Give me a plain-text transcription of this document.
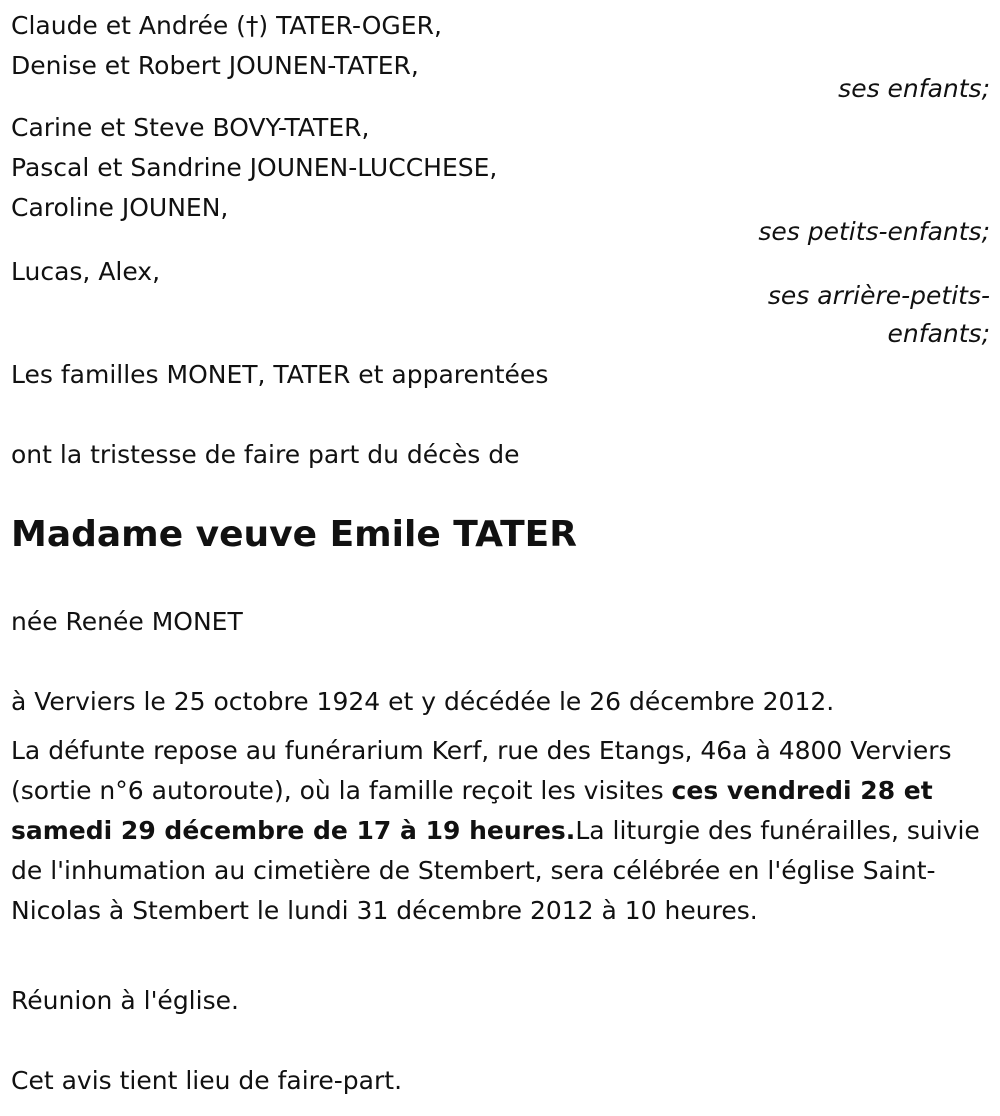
Claude et Andrée (†) TATER-OGER,
Denise et Robert JOUNEN-TATER,
ses enfants;
Carine et Steve BOVY-TATER,
Pascal et Sandrine JOUNEN-LUCCHESE,
Caroline JOUNEN,
ses petits-enfants;
Lucas, Alex,
ses arrière-petits-
enfants;
Les familles MONET, TATER et apparentées
ont la tristesse de faire part du décès de
Madame veuve Emile TATER
née Renée MONET
à Verviers le 25 octobre 1924 et y décédée le 26 décembre 2012.
La défunte repose au funérarium Kerf, rue des Etangs, 46a à 4800 Verviers (sortie n°6 autoroute), où la famille reçoit les visites ces vendredi 28 et samedi 29 décembre de 17 à 19 heures.La liturgie des funérailles, suivie de l'inhumation au cimetière de Stembert, sera célébrée en l'église Saint-Nicolas à Stembert le lundi 31 décembre 2012 à 10 heures.
Réunion à l'église.
Cet avis tient lieu de faire-part.
